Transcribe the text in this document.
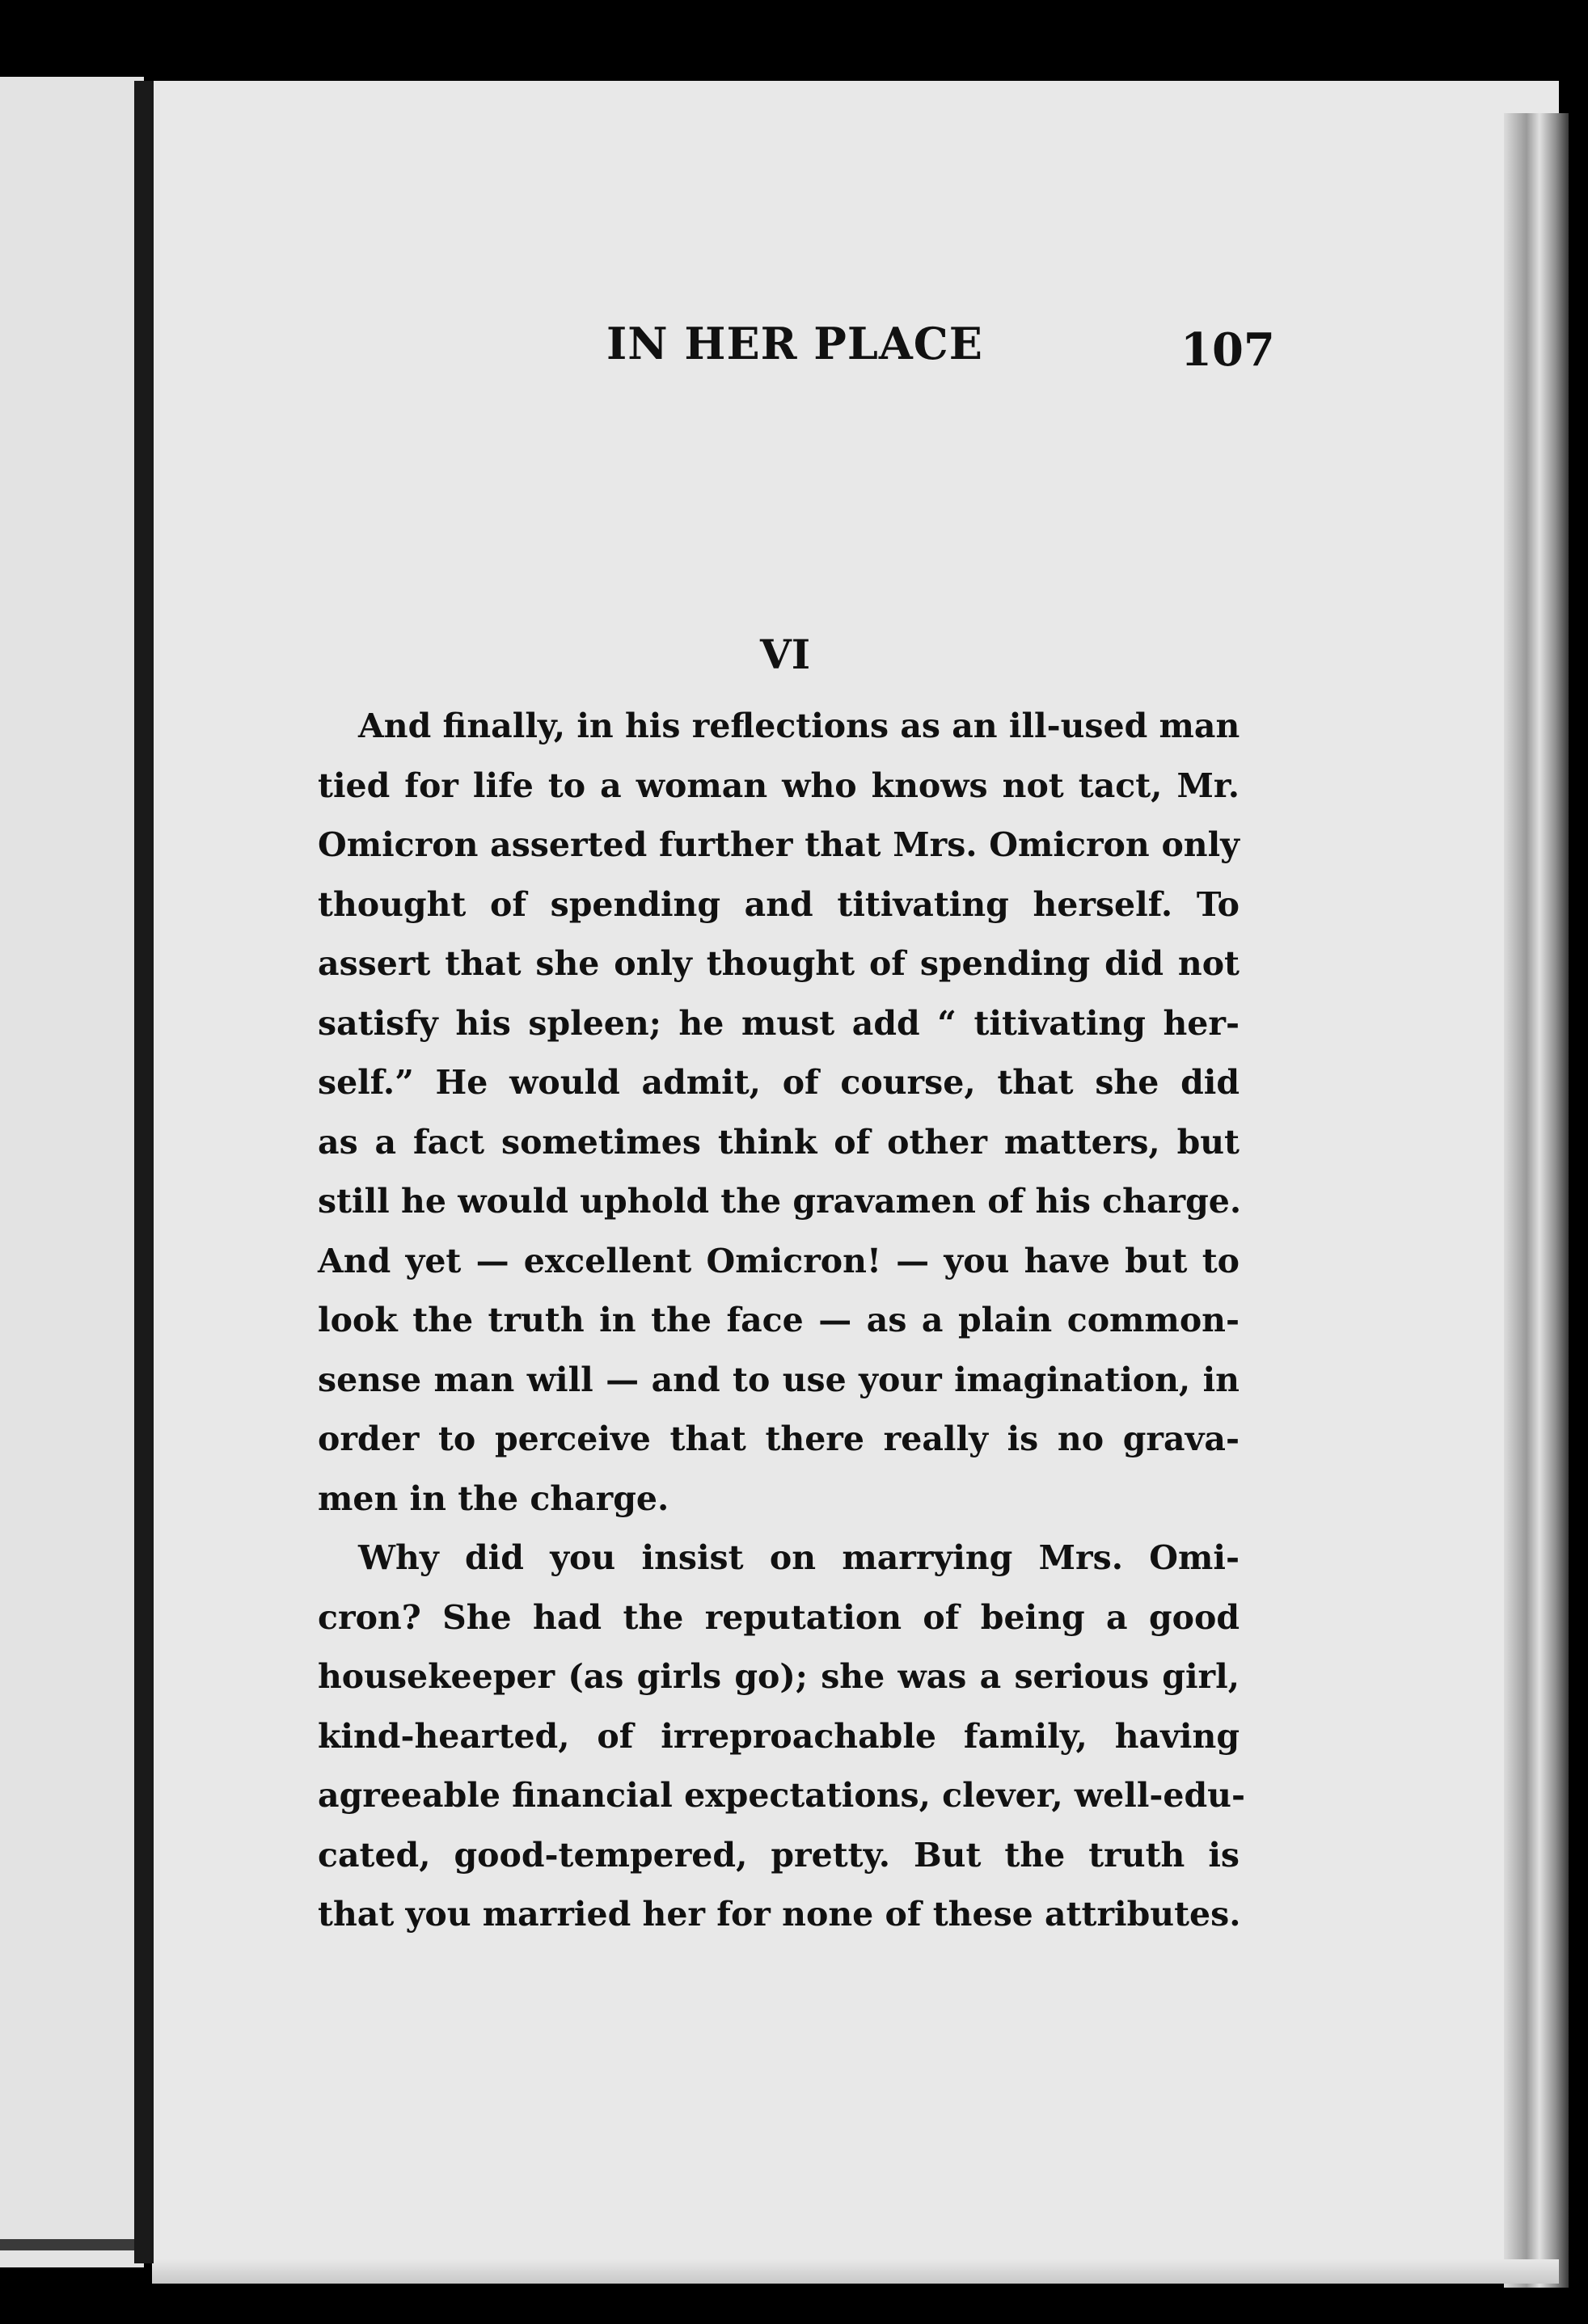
IN HER PLACE	107
VI
And finally, in his reflections as an ill-used man
tied for life to a woman who knows not tact, Mr.
Omicron asserted further that Mrs. Omicron only
thought of spending and titivating herself. To
assert that she only thought of spending did not
satisfy his spleen; he must add “ titivating her-
self.” He would admit, of course, that she did
as a fact sometimes think of other matters, but
still he would uphold the gravamen of his charge.
And yet — excellent Omicron! — you have but to
look the truth in the face — as a plain common-
sense man will — and to use your imagination, in
order to perceive that there really is no grava-
men in the charge.
Why did you insist on marrying Mrs. Omi-
cron? She had the reputation of being a good
housekeeper (as girls go); she was a serious girl,
kind-hearted, of irreproachable family, having
agreeable financial expectations, clever, well-edu-
cated, good-tempered, pretty. But the truth is
that you married her for none of these attributes.
